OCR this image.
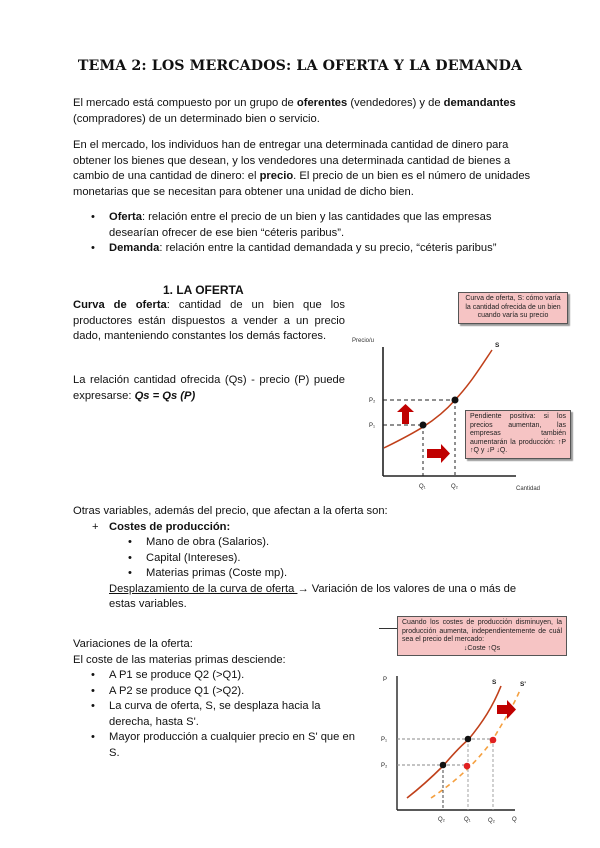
TEMA 2: LOS MERCADOS: LA OFERTA Y LA DEMANDA
El mercado está compuesto por un grupo de oferentes (vendedores) y de demandantes (compradores) de un determinado bien o servicio.
En el mercado, los individuos han de entregar una determinada cantidad de dinero para obtener los bienes que desean, y los vendedores una determinada cantidad de bienes a cambio de una cantidad de dinero: el precio. El precio de un bien es el número de unidades monetarias que se necesitan para obtener una unidad de dicho bien.
• Oferta: relación entre el precio de un bien y las cantidades que las empresas desearían ofrecer de ese bien “céteris paribus”.
• Demanda: relación entre la cantidad demandada y su precio, “céteris paribus”
1. LA OFERTA
Curva de oferta: cantidad de un bien que los productores están dispuestos a vender a un precio dado, manteniendo constantes los demás factores.
La relación cantidad ofrecida (Qs) - precio (P) puede expresarse: Qs = Qs (P)
Curva de oferta, S: cómo varía la cantidad ofrecida de un bien cuando varía su precio
Precio/u
S
P₂
P₁
Q₁	Q₂	Cantidad
Pendiente positiva: si los precios aumentan, las empresas también aumentarán la producción: ↑P ↑Q y ↓P ↓Q.
Otras variables, además del precio, que afectan a la oferta son:
+ Costes de producción:
• Mano de obra (Salarios).
• Capital (Intereses).
• Materias primas (Coste mp).
Desplazamiento de la curva de oferta → Variación de los valores de una o más de estas variables.
Variaciones de la oferta:
El coste de las materias primas desciende:
• A P1 se produce Q2 (>Q1).
• A P2 se produce Q1 (>Q2).
• La curva de oferta, S, se desplaza hacia la derecha, hasta S'.
• Mayor producción a cualquier precio en S' que en S.
Cuando los costes de producción disminuyen, la producción aumenta, independientemente de cuál sea el precio del mercado:
↓Coste ↑Qs
P	S	S'
P₁
P₂
Q₂	Q₁	Q₂	Q
